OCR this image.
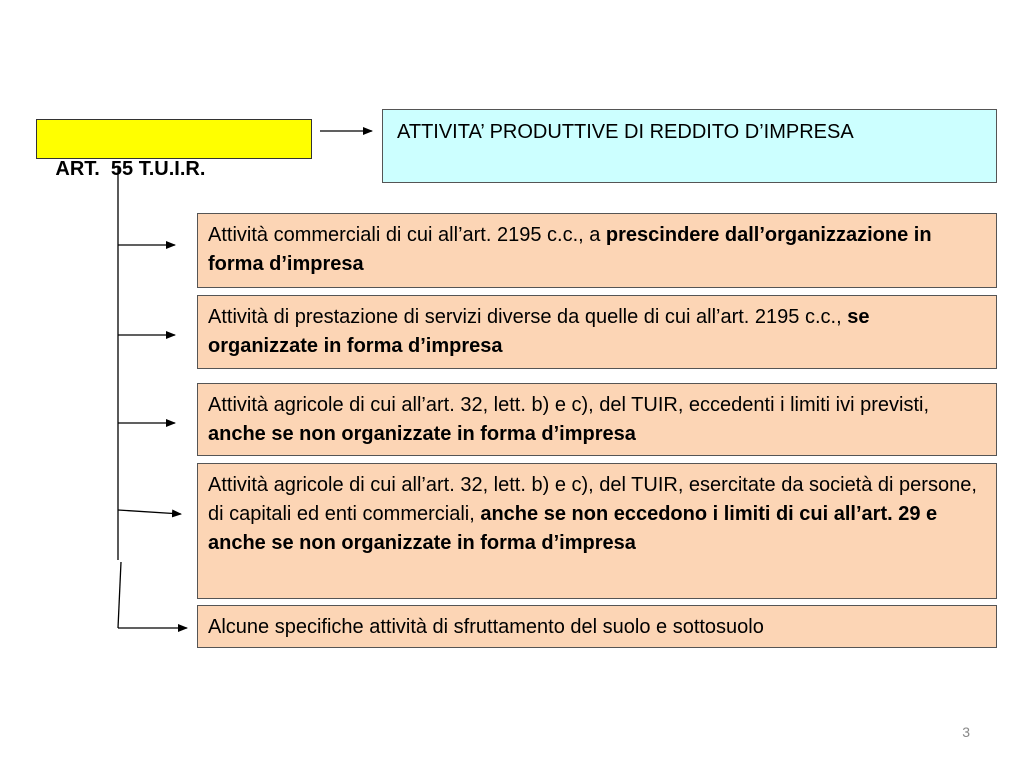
ART.  55 T.U.I.R.

ATTIVITA’ PRODUTTIVE DI REDDITO D’IMPRESA
Attività commerciali di cui all’art. 2195 c.c., a prescindere dall’organizzazione in forma d’impresa
Attività di prestazione di servizi diverse da quelle di cui all’art. 2195 c.c., se organizzate in forma d’impresa
Attività agricole di cui all’art. 32, lett. b) e c), del TUIR, eccedenti i limiti ivi previsti, anche se non organizzate in forma d’impresa
Attività agricole di cui all’art. 32, lett. b) e c), del TUIR, esercitate da società di persone, di capitali ed enti commerciali, anche se non eccedono i limiti di cui all’art. 29 e anche se non organizzate in forma d’impresa
Alcune specifiche attività di sfruttamento del suolo e sottosuolo
3
